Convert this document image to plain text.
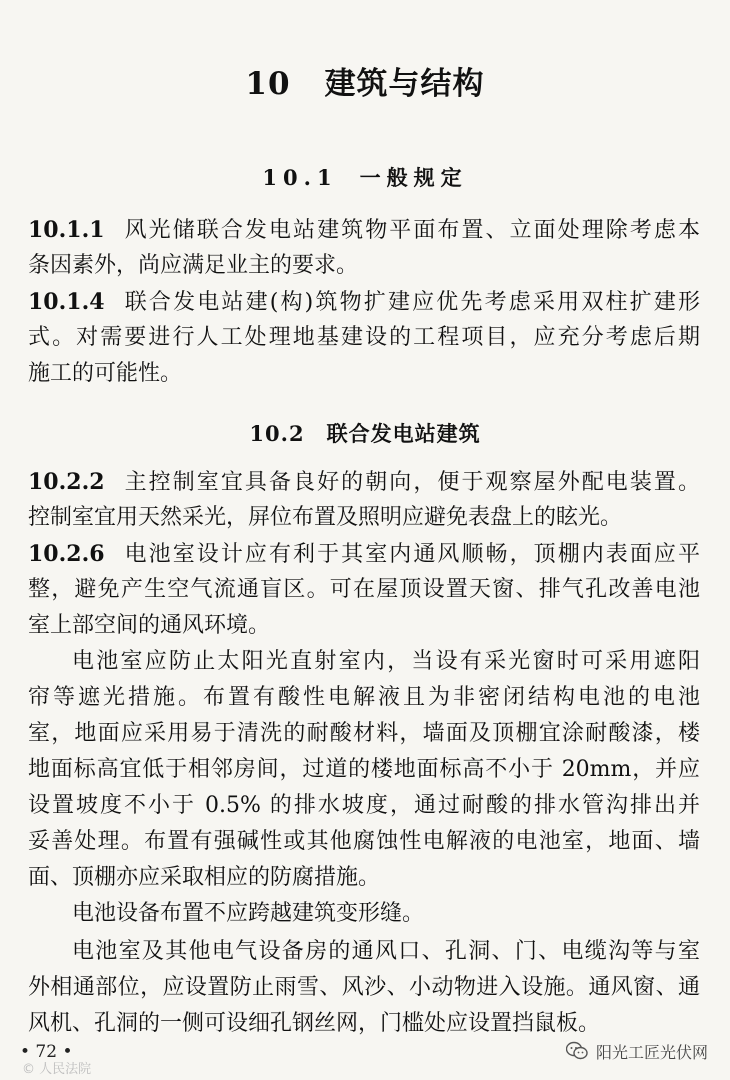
10 建筑与结构
10.1 一般规定
10.1.1 风光储联合发电站建筑物平面布置、立面处理除考虑本
条因素外，尚应满足业主的要求。
10.1.4 联合发电站建(构)筑物扩建应优先考虑采用双柱扩建形
式。对需要进行人工处理地基建设的工程项目，应充分考虑后期
施工的可能性。
10.2 联合发电站建筑
10.2.2 主控制室宜具备良好的朝向，便于观察屋外配电装置。
控制室宜用天然采光，屏位布置及照明应避免表盘上的眩光。
10.2.6 电池室设计应有利于其室内通风顺畅，顶棚内表面应平
整，避免产生空气流通盲区。可在屋顶设置天窗、排气孔改善电池
室上部空间的通风环境。
电池室应防止太阳光直射室内，当设有采光窗时可采用遮阳
帘等遮光措施。布置有酸性电解液且为非密闭结构电池的电池
室，地面应采用易于清洗的耐酸材料，墙面及顶棚宜涂耐酸漆，楼
地面标高宜低于相邻房间，过道的楼地面标高不小于 20mm，并应
设置坡度不小于 0.5% 的排水坡度，通过耐酸的排水管沟排出并
妥善处理。布置有强碱性或其他腐蚀性电解液的电池室，地面、墙
面、顶棚亦应采取相应的防腐措施。
电池设备布置不应跨越建筑变形缝。
电池室及其他电气设备房的通风口、孔洞、门、电缆沟等与室
外相通部位，应设置防止雨雪、风沙、小动物进入设施。通风窗、通
风机、孔洞的一侧可设细孔钢丝网，门槛处应设置挡鼠板。
• 72 •
© 人民法院
阳光工匠光伏网
